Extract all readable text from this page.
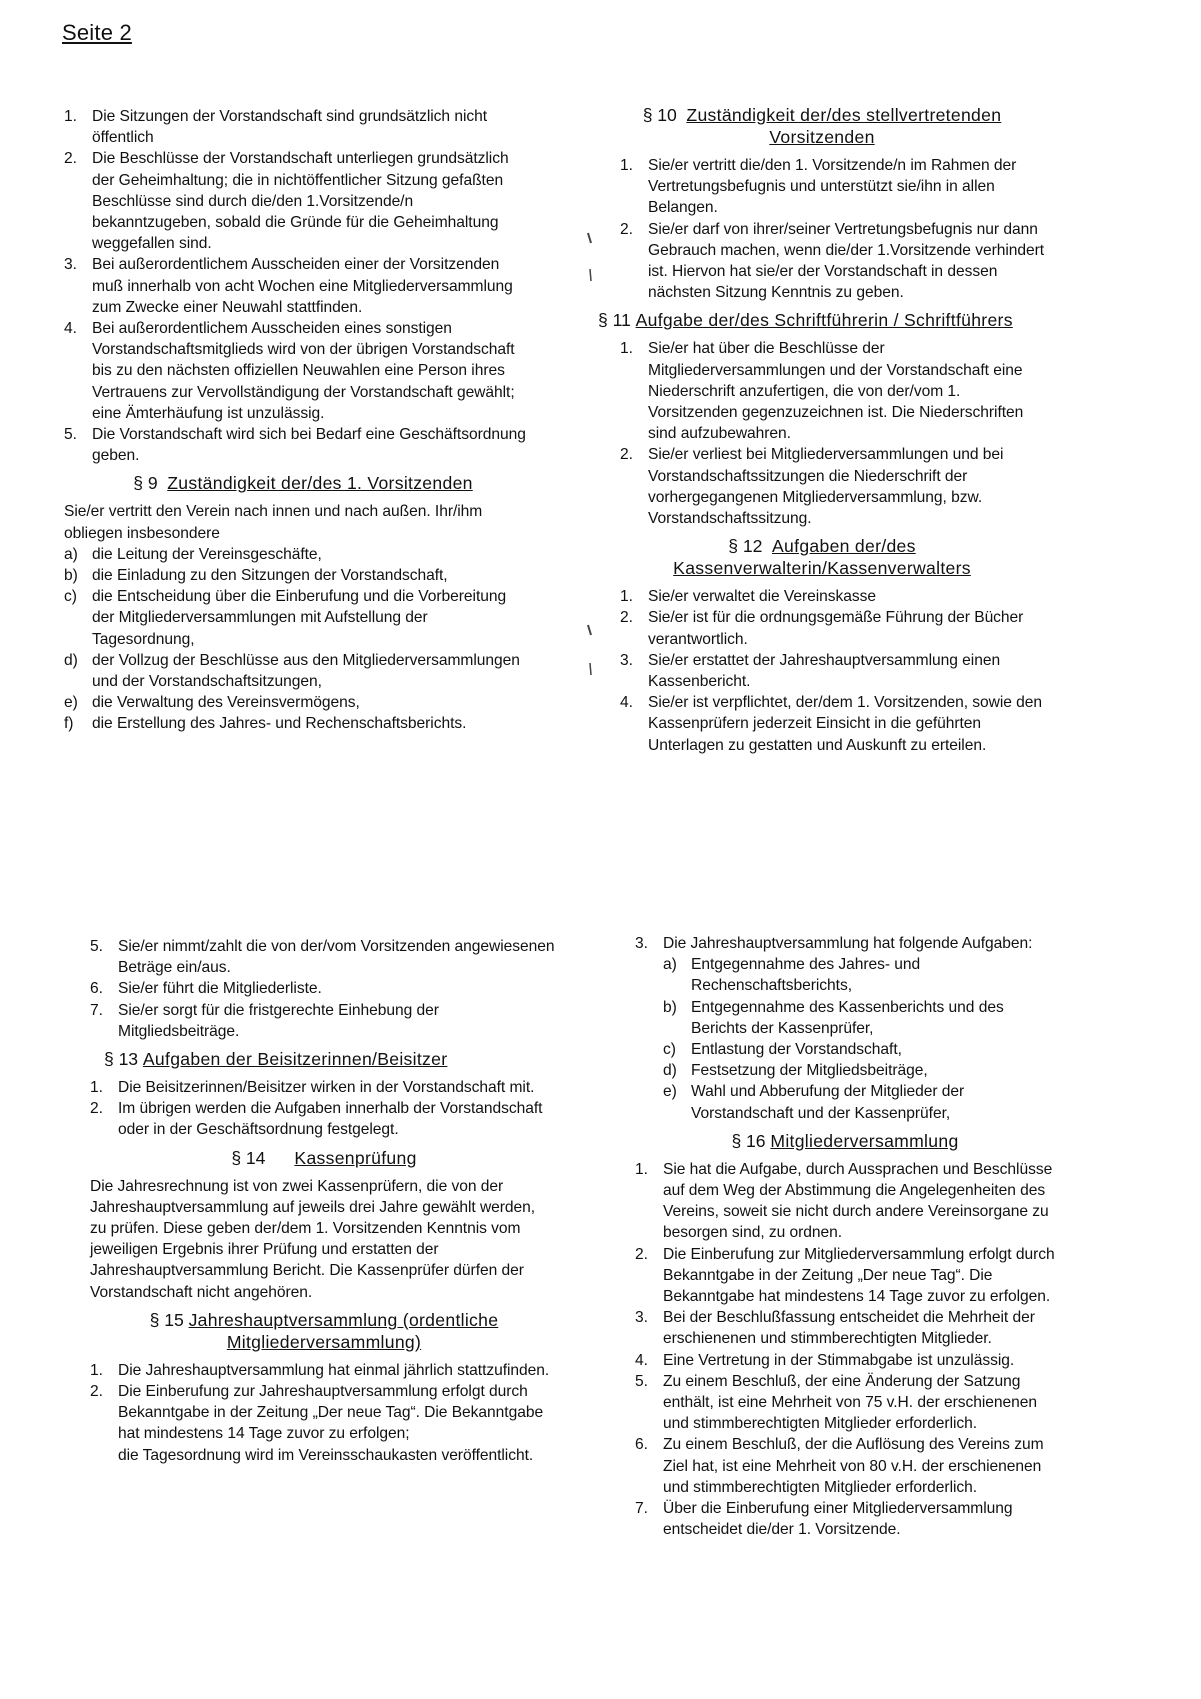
Seite 2
1. Die Sitzungen der Vorstandschaft sind grundsätzlich nicht öffentlich
2. Die Beschlüsse der Vorstandschaft unterliegen grundsätzlich der Geheimhaltung; die in nichtöffentlicher Sitzung gefaßten Beschlüsse sind durch die/den 1.Vorsitzende/n bekanntzugeben, sobald die Gründe für die Geheimhaltung weggefallen sind.
3. Bei außerordentlichem Ausscheiden einer der Vorsitzenden muß innerhalb von acht Wochen eine Mitgliederversammlung zum Zwecke einer Neuwahl stattfinden.
4. Bei außerordentlichem Ausscheiden eines sonstigen Vorstandschaftsmitglieds wird von der übrigen Vorstandschaft bis zu den nächsten offiziellen Neuwahlen eine Person ihres Vertrauens zur Vervollständigung der Vorstandschaft gewählt; eine Ämterhäufung ist unzulässig.
5. Die Vorstandschaft wird sich bei Bedarf eine Geschäftsordnung geben.
§ 9 Zuständigkeit der/des 1. Vorsitzenden

Sie/er vertritt den Verein nach innen und nach außen. Ihr/ihm obliegen insbesondere

a) die Leitung der Vereinsgeschäfte,
b) die Einladung zu den Sitzungen der Vorstandschaft,
c) die Entscheidung über die Einberufung und die Vorbereitung der Mitgliederversammlungen mit Aufstellung der Tagesordnung,
d) der Vollzug der Beschlüsse aus den Mitgliederversammlungen und der Vorstandschaftsitzungen,
e) die Verwaltung des Vereinsvermögens,
f) die Erstellung des Jahres- und Rechenschaftsberichts.
§ 10 Zuständigkeit der/des stellvertretenden Vorsitzenden
1. Sie/er vertritt die/den 1. Vorsitzende/n im Rahmen der Vertretungsbefugnis und unterstützt sie/ihn in allen Belangen.
2. Sie/er darf von ihrer/seiner Vertretungsbefugnis nur dann Gebrauch machen, wenn die/der 1.Vorsitzende verhindert ist. Hiervon hat sie/er der Vorstandschaft in dessen nächsten Sitzung Kenntnis zu geben.
§ 11 Aufgabe der/des Schriftführerin / Schriftführers
1. Sie/er hat über die Beschlüsse der Mitgliederversammlungen und der Vorstandschaft eine Niederschrift anzufertigen, die von der/vom 1. Vorsitzenden gegenzuzeichnen ist. Die Niederschriften sind aufzubewahren.
2. Sie/er verliest bei Mitgliederversammlungen und bei Vorstandschaftssitzungen die Niederschrift der vorhergegangenen Mitgliederversammlung, bzw. Vorstandschaftssitzung.
§ 12 Aufgaben der/des Kassenverwalterin/Kassenverwalters
1. Sie/er verwaltet die Vereinskasse
2. Sie/er ist für die ordnungsgemäße Führung der Bücher verantwortlich.
3. Sie/er erstattet der Jahreshauptversammlung einen Kassenbericht.
4. Sie/er ist verpflichtet, der/dem 1. Vorsitzenden, sowie den Kassenprüfern jederzeit Einsicht in die geführten Unterlagen zu gestatten und Auskunft zu erteilen.
5. Sie/er nimmt/zahlt die von der/vom Vorsitzenden angewiesenen Beträge ein/aus.
6. Sie/er führt die Mitgliederliste.
7. Sie/er sorgt für die fristgerechte Einhebung der Mitgliedsbeiträge.
§ 13 Aufgaben der Beisitzerinnen/Beisitzer
1. Die Beisitzerinnen/Beisitzer wirken in der Vorstandschaft mit.
2. Im übrigen werden die Aufgaben innerhalb der Vorstandschaft oder in der Geschäftsordnung festgelegt.
§ 14 Kassenprüfung

Die Jahresrechnung ist von zwei Kassenprüfern, die von der Jahreshauptversammlung auf jeweils drei Jahre gewählt werden, zu prüfen. Diese geben der/dem 1. Vorsitzenden Kenntnis vom jeweiligen Ergebnis ihrer Prüfung und erstatten der Jahreshauptversammlung Bericht. Die Kassenprüfer dürfen der Vorstandschaft nicht angehören.

§ 15 Jahreshauptversammlung (ordentliche Mitgliederversammlung)
1. Die Jahreshauptversammlung hat einmal jährlich stattzufinden.
2. Die Einberufung zur Jahreshauptversammlung erfolgt durch Bekanntgabe in der Zeitung „Der neue Tag“. Die Bekanntgabe hat mindestens 14 Tage zuvor zu erfolgen;
die Tagesordnung wird im Vereinsschaukasten veröffentlicht.
3. Die Jahreshauptversammlung hat folgende Aufgaben:
a) Entgegennahme des Jahres- und Rechenschaftsberichts,
b) Entgegennahme des Kassenberichts und des Berichts der Kassenprüfer,
c) Entlastung der Vorstandschaft,
d) Festsetzung der Mitgliedsbeiträge,
e) Wahl und Abberufung der Mitglieder der Vorstandschaft und der Kassenprüfer,
§ 16 Mitgliederversammlung
1. Sie hat die Aufgabe, durch Aussprachen und Beschlüsse auf dem Weg der Abstimmung die Angelegenheiten des Vereins, soweit sie nicht durch andere Vereinsorgane zu besorgen sind, zu ordnen.
2. Die Einberufung zur Mitgliederversammlung erfolgt durch Bekanntgabe in der Zeitung „Der neue Tag“. Die Bekanntgabe hat mindestens 14 Tage zuvor zu erfolgen.
3. Bei der Beschlußfassung entscheidet die Mehrheit der erschienenen und stimmberechtigten Mitglieder.
4. Eine Vertretung in der Stimmabgabe ist unzulässig.
5. Zu einem Beschluß, der eine Änderung der Satzung enthält, ist eine Mehrheit von 75 v.H. der erschienenen und stimmberechtigten Mitglieder erforderlich.
6. Zu einem Beschluß, der die Auflösung des Vereins zum Ziel hat, ist eine Mehrheit von 80 v.H. der erschienenen und stimmberechtigten Mitglieder erforderlich.
7. Über die Einberufung einer Mitgliederversammlung entscheidet die/der 1. Vorsitzende.
